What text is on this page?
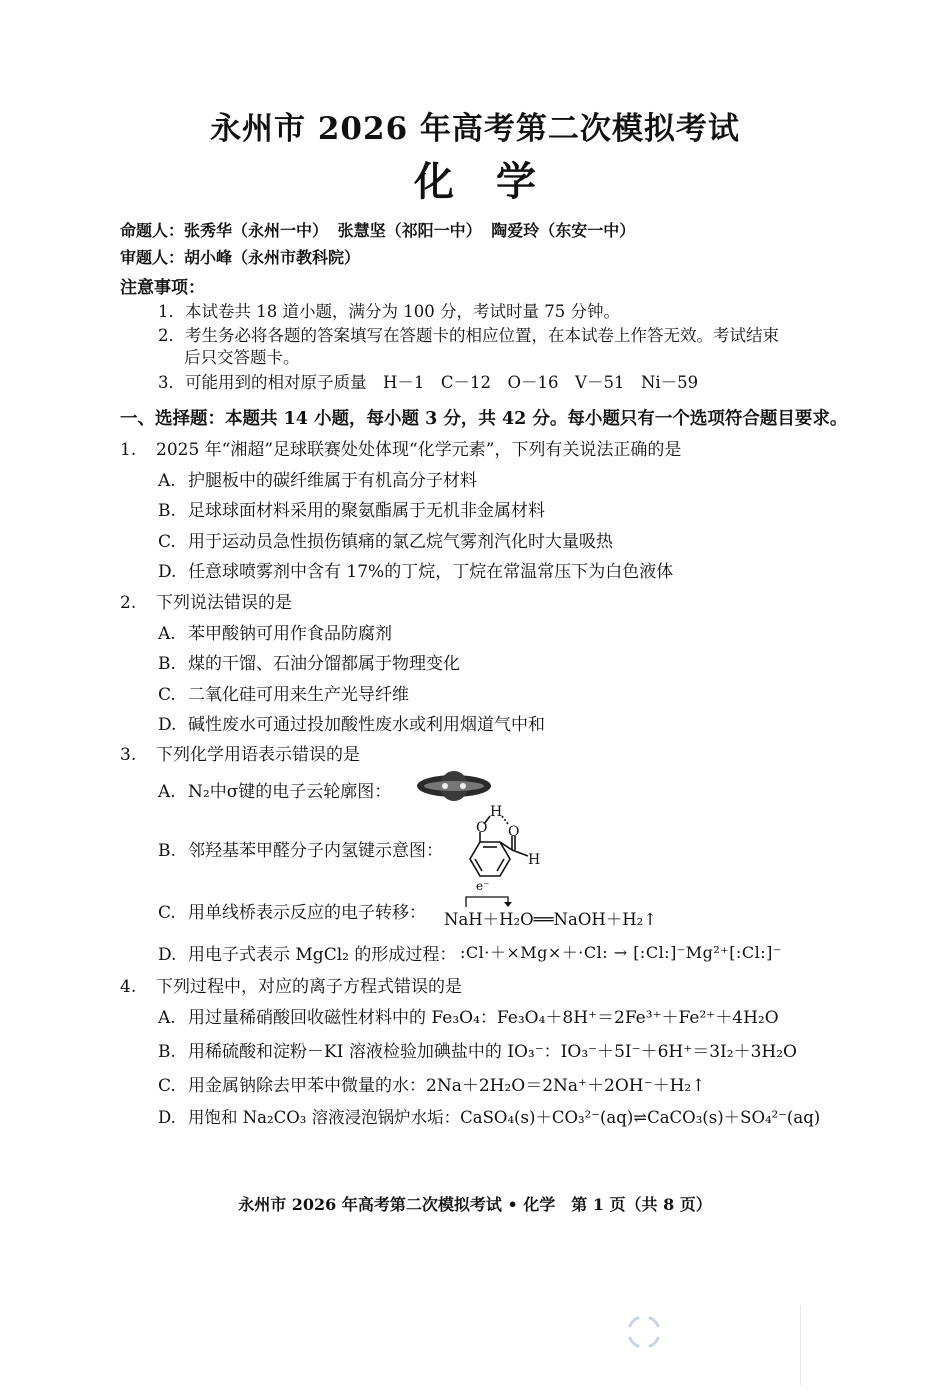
永州市 2026 年高考第二次模拟考试
化学
命题人：张秀华（永州一中） 张慧坚（祁阳一中） 陶爱玲（东安一中）
审题人：胡小峰（永州市教科院）
注意事项：
1．本试卷共 18 道小题，满分为 100 分，考试时量 75 分钟。
2．考生务必将各题的答案填写在答题卡的相应位置，在本试卷上作答无效。考试结束
后只交答题卡。
3．可能用到的相对原子质量　H－1　C－12　O－16　V－51　Ni－59
一、选择题：本题共 14 小题，每小题 3 分，共 42 分。每小题只有一个选项符合题目要求。
1. 2025 年“湘超”足球联赛处处体现“化学元素”，下列有关说法正确的是
A. 护腿板中的碳纤维属于有机高分子材料
B. 足球球面材料采用的聚氨酯属于无机非金属材料
C. 用于运动员急性损伤镇痛的氯乙烷气雾剂汽化时大量吸热
D. 任意球喷雾剂中含有 17%的丁烷，丁烷在常温常压下为白色液体
2. 下列说法错误的是
A. 苯甲酸钠可用作食品防腐剂
B. 煤的干馏、石油分馏都属于物理变化
C. 二氧化硅可用来生产光导纤维
D. 碱性废水可通过投加酸性废水或利用烟道气中和
3. 下列化学用语表示错误的是
A. N₂中σ键的电子云轮廓图：
B. 邻羟基苯甲醛分子内氢键示意图：
O
H
O
H
C. 用单线桥表示反应的电子转移：
e⁻
NaH＋H₂O══NaOH＋H₂↑
D. 用电子式表示 MgCl₂ 的形成过程： :Cl·＋×Mg×＋·Cl: → [:Cl:]⁻Mg²⁺[:Cl:]⁻
4. 下列过程中，对应的离子方程式错误的是
A. 用过量稀硝酸回收磁性材料中的 Fe₃O₄：Fe₃O₄＋8H⁺＝2Fe³⁺＋Fe²⁺＋4H₂O
B. 用稀硫酸和淀粉－KI 溶液检验加碘盐中的 IO₃⁻：IO₃⁻＋5I⁻＋6H⁺＝3I₂＋3H₂O
C. 用金属钠除去甲苯中微量的水：2Na＋2H₂O＝2Na⁺＋2OH⁻＋H₂↑
D. 用饱和 Na₂CO₃ 溶液浸泡锅炉水垢：CaSO₄(s)＋CO₃²⁻(aq)⇌CaCO₃(s)＋SO₄²⁻(aq)
永州市 2026 年高考第二次模拟考试 • 化学　第 1 页（共 8 页）
